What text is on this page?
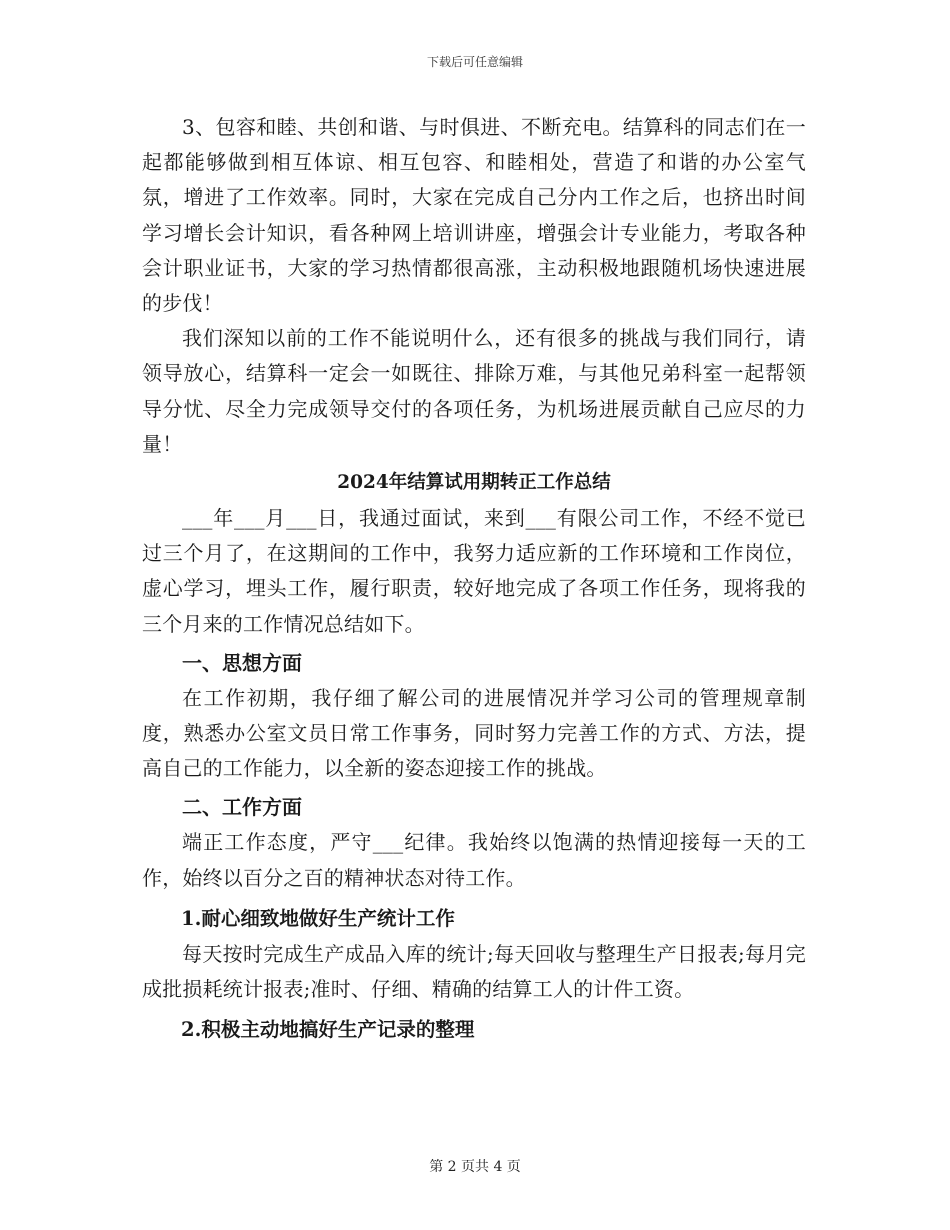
下载后可任意编辑

3、包容和睦、共创和谐、与时俱进、不断充电。结算科的同志们在一起都能够做到相互体谅、相互包容、和睦相处，营造了和谐的办公室气氛，增进了工作效率。同时，大家在完成自己分内工作之后，也挤出时间学习增长会计知识，看各种网上培训讲座，增强会计专业能力，考取各种会计职业证书，大家的学习热情都很高涨，主动积极地跟随机场快速进展的步伐！

我们深知以前的工作不能说明什么，还有很多的挑战与我们同行，请领导放心，结算科一定会一如既往、排除万难，与其他兄弟科室一起帮领导分忧、尽全力完成领导交付的各项任务，为机场进展贡献自己应尽的力量！

2024年结算试用期转正工作总结

___年___月___日，我通过面试，来到___有限公司工作，不经不觉已过三个月了，在这期间的工作中，我努力适应新的工作环境和工作岗位，虚心学习，埋头工作，履行职责，较好地完成了各项工作任务，现将我的三个月来的工作情况总结如下。

一、思想方面

在工作初期，我仔细了解公司的进展情况并学习公司的管理规章制度，熟悉办公室文员日常工作事务，同时努力完善工作的方式、方法，提高自己的工作能力，以全新的姿态迎接工作的挑战。

二、工作方面

端正工作态度，严守___纪律。我始终以饱满的热情迎接每一天的工作，始终以百分之百的精神状态对待工作。

1.耐心细致地做好生产统计工作

每天按时完成生产成品入库的统计;每天回收与整理生产日报表;每月完成批损耗统计报表;准时、仔细、精确的结算工人的计件工资。

2.积极主动地搞好生产记录的整理

第 2 页共 4 页
